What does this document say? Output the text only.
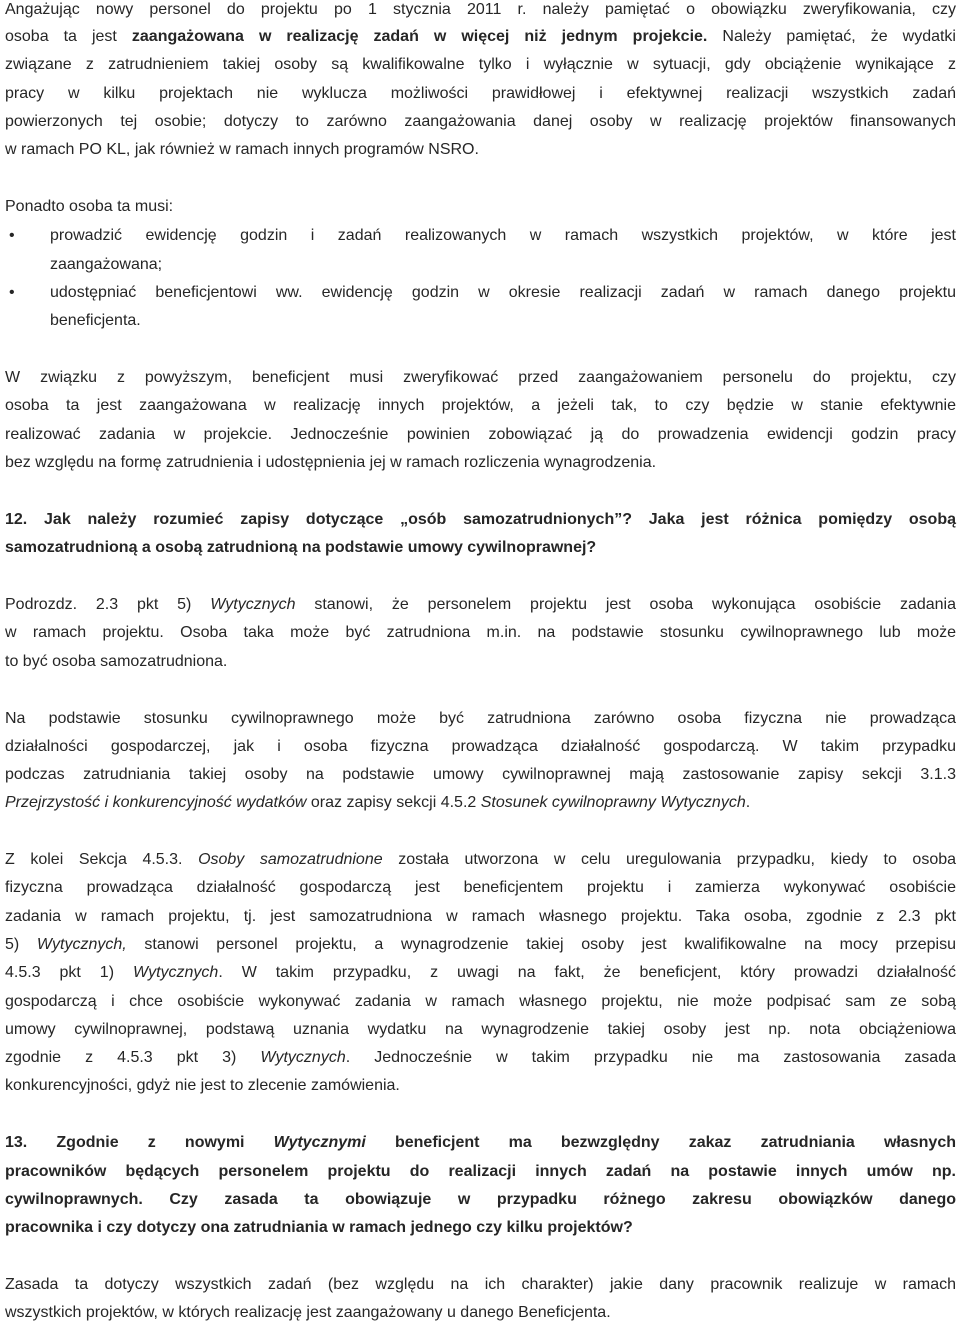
Angażując nowy personel do projektu po 1 stycznia 2011 r. należy pamiętać o obowiązku zweryfikowania, czy
osoba ta jest zaangażowana w realizację zadań w więcej niż jednym projekcie. Należy pamiętać, że wydatki
związane z zatrudnieniem takiej osoby są kwalifikowalne tylko i wyłącznie w sytuacji, gdy obciążenie wynikające z
pracy w kilku projektach nie wyklucza możliwości prawidłowej i efektywnej realizacji wszystkich zadań
powierzonych tej osobie; dotyczy to zarówno zaangażowania danej osoby w realizację projektów finansowanych
w ramach PO KL, jak również w ramach innych programów NSRO.
Ponadto osoba ta musi:
• prowadzić ewidencję godzin i zadań realizowanych w ramach wszystkich projektów, w które jest
zaangażowana;
• udostępniać beneficjentowi ww. ewidencję godzin w okresie realizacji zadań w ramach danego projektu
beneficjenta.
W związku z powyższym, beneficjent musi zweryfikować przed zaangażowaniem personelu do projektu, czy
osoba ta jest zaangażowana w realizację innych projektów, a jeżeli tak, to czy będzie w stanie efektywnie
realizować zadania w projekcie. Jednocześnie powinien zobowiązać ją do prowadzenia ewidencji godzin pracy
bez względu na formę zatrudnienia i udostępnienia jej w ramach rozliczenia wynagrodzenia.
12. Jak należy rozumieć zapisy dotyczące „osób samozatrudnionych”? Jaka jest różnica pomiędzy osobą
samozatrudnioną a osobą zatrudnioną na podstawie umowy cywilnoprawnej?
Podrozdz. 2.3 pkt 5) Wytycznych stanowi, że personelem projektu jest osoba wykonująca osobiście zadania
w ramach projektu. Osoba taka może być zatrudniona m.in. na podstawie stosunku cywilnoprawnego lub może
to być osoba samozatrudniona.
Na podstawie stosunku cywilnoprawnego może być zatrudniona zarówno osoba fizyczna nie prowadząca
działalności gospodarczej, jak i osoba fizyczna prowadząca działalność gospodarczą. W takim przypadku
podczas zatrudniania takiej osoby na podstawie umowy cywilnoprawnej mają zastosowanie zapisy sekcji 3.1.3
Przejrzystość i konkurencyjność wydatków oraz zapisy sekcji 4.5.2 Stosunek cywilnoprawny Wytycznych.
Z kolei Sekcja 4.5.3. Osoby samozatrudnione została utworzona w celu uregulowania przypadku, kiedy to osoba
fizyczna prowadząca działalność gospodarczą jest beneficjentem projektu i zamierza wykonywać osobiście
zadania w ramach projektu, tj. jest samozatrudniona w ramach własnego projektu. Taka osoba, zgodnie z 2.3 pkt
5) Wytycznych, stanowi personel projektu, a wynagrodzenie takiej osoby jest kwalifikowalne na mocy przepisu
4.5.3 pkt 1) Wytycznych. W takim przypadku, z uwagi na fakt, że beneficjent, który prowadzi działalność
gospodarczą i chce osobiście wykonywać zadania w ramach własnego projektu, nie może podpisać sam ze sobą
umowy cywilnoprawnej, podstawą uznania wydatku na wynagrodzenie takiej osoby jest np. nota obciążeniowa
zgodnie z 4.5.3 pkt 3) Wytycznych. Jednocześnie w takim przypadku nie ma zastosowania zasada
konkurencyjności, gdyż nie jest to zlecenie zamówienia.
13. Zgodnie z nowymi Wytycznymi beneficjent ma bezwzględny zakaz zatrudniania własnych
pracowników będących personelem projektu do realizacji innych zadań na postawie innych umów np.
cywilnoprawnych. Czy zasada ta obowiązuje w przypadku różnego zakresu obowiązków danego
pracownika i czy dotyczy ona zatrudniania w ramach jednego czy kilku projektów?
Zasada ta dotyczy wszystkich zadań (bez względu na ich charakter) jakie dany pracownik realizuje w ramach
wszystkich projektów, w których realizację jest zaangażowany u danego Beneficjenta.
